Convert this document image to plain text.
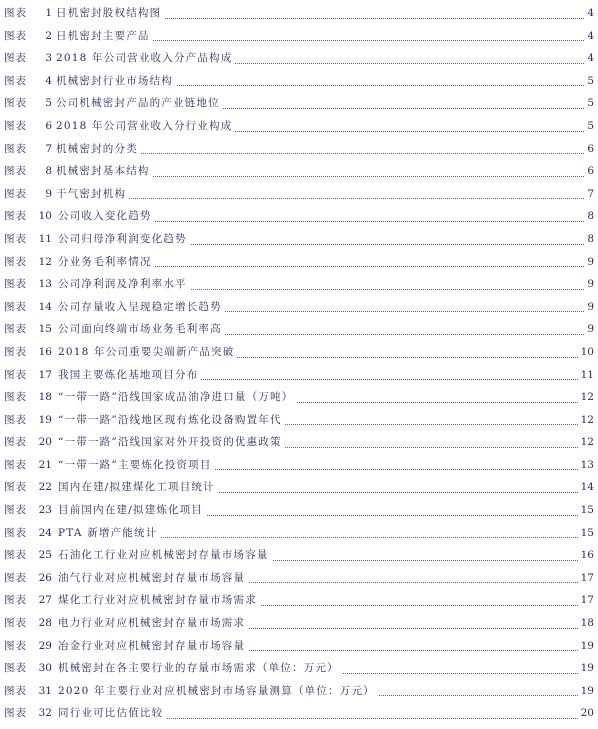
图表	1 日机密封股权结构图	4
图表	2 日机密封主要产品	4
图表	3 2018 年公司营业收入分产品构成	4
图表	4 机械密封行业市场结构	5
图表	5 公司机械密封产品的产业链地位	5
图表	6 2018 年公司营业收入分行业构成	5
图表	7 机械密封的分类	6
图表	8 机械密封基本结构	6
图表	9 干气密封机构	7
图表 10 公司收入变化趋势	8
图表 11 公司归母净利润变化趋势	8
图表 12 分业务毛利率情况	9
图表 13 公司净利润及净利率水平	9
图表 14 公司存量收入呈现稳定增长趋势	9
图表 15 公司面向终端市场业务毛利率高	9
图表 16 2018 年公司重要尖端新产品突破	10
图表 17 我国主要炼化基地项目分布	11
图表 18 “一带一路”沿线国家成品油净进口量（万吨）	12
图表 19 “一带一路”沿线地区现有炼化设备购置年代	12
图表 20 “一带一路”沿线国家对外开投资的优惠政策	12
图表 21 “一带一路”主要炼化投资项目	13
图表 22 国内在建/拟建煤化工项目统计	14
图表 23 目前国内在建/拟建炼化项目	15
图表 24 PTA 新增产能统计	15
图表 25 石油化工行业对应机械密封存量市场容量	16
图表 26 油气行业对应机械密封存量市场容量	17
图表 27 煤化工行业对应机械密封存量市场需求	17
图表 28 电力行业对应机械密封存量市场需求	18
图表 29 冶金行业对应机械密封存量市场容量	19
图表 30 机械密封在各主要行业的存量市场需求（单位：万元）	19
图表 31 2020 年主要行业对应机械密封市场容量测算（单位：万元）	19
图表 32 同行业可比估值比较	20
